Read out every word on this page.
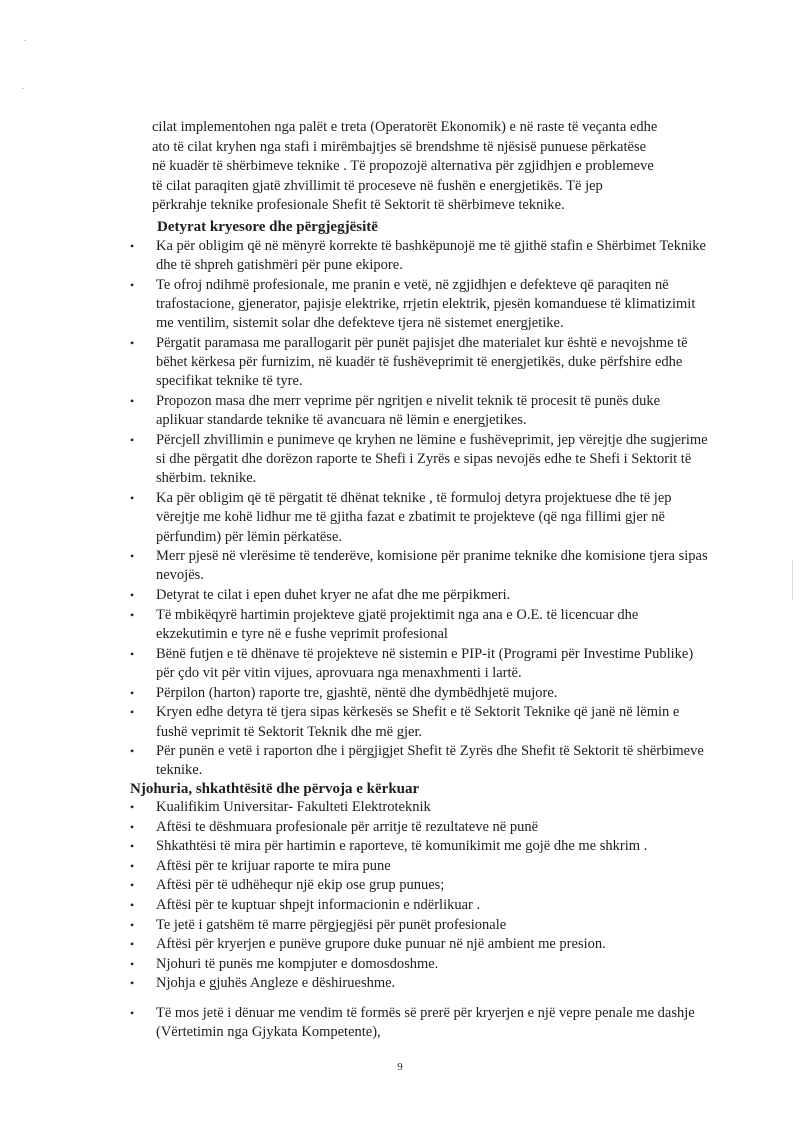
cilat implementohen nga palët e treta (Operatorët Ekonomik) e në raste të veçanta edhe
ato të cilat kryhen nga stafi i mirëmbajtjes së brendshme të njësisë punuese përkatëse
në kuadër të shërbimeve teknike . Të propozojë alternativa për zgjidhjen e problemeve
të cilat paraqiten gjatë zhvillimit të proceseve në fushën e energjetikës. Të jep
përkrahje teknike profesionale Shefit të Sektorit të shërbimeve teknike.

Detyrat kryesore dhe përgjegjësitë
• Ka për obligim që në mënyrë korrekte të bashkëpunojë me të gjithë stafin e Shërbimet Teknike dhe të shpreh gatishmëri për pune ekipore.
• Te ofroj ndihmë profesionale, me pranin e vetë, në zgjidhjen e defekteve që paraqiten në trafostacione, gjenerator, pajisje elektrike, rrjetin elektrik, pjesën komanduese të klimatizimit me ventilim, sistemit solar dhe defekteve tjera në sistemet energjetike.
• Përgatit paramasa me parallogarit për punët pajisjet dhe materialet kur është e nevojshme të bëhet kërkesa për furnizim, në kuadër të fushëveprimit të energjetikës, duke përfshire edhe specifikat teknike të tyre.
• Propozon masa dhe merr veprime për ngritjen e nivelit teknik të procesit të punës duke aplikuar standarde teknike të avancuara në lëmin e energjetikes.
• Përcjell zhvillimin e punimeve qe kryhen ne lëmine e fushëveprimit, jep vërejtje dhe sugjerime si dhe përgatit dhe dorëzon raporte te Shefi i Zyrës e sipas nevojës edhe te Shefi i Sektorit të shërbim. teknike.
• Ka për obligim që të përgatit të dhënat teknike , të formuloj detyra projektuese dhe të jep vërejtje me kohë lidhur me të gjitha fazat e zbatimit te projekteve (që nga fillimi gjer në përfundim) për lëmin përkatëse.
• Merr pjesë në vlerësime të tenderëve, komisione për pranime teknike dhe komisione tjera sipas nevojës.
• Detyrat te cilat i epen duhet kryer ne afat dhe me përpikmeri.
• Të mbikëqyrë hartimin projekteve gjatë projektimit nga ana e O.E. të licencuar dhe ekzekutimin e tyre në e fushe veprimit profesional
• Bënë futjen e të dhënave të projekteve në sistemin e PIP-it (Programi për Investime Publike) për çdo vit për vitin vijues, aprovuara nga menaxhmenti i lartë.
• Përpilon (harton) raporte tre, gjashtë, nëntë dhe dymbëdhjetë mujore.
• Kryen edhe detyra të tjera sipas kërkesës se Shefit e të Sektorit Teknike që janë në lëmin e fushë veprimit të Sektorit Teknik dhe më gjer.
• Për punën e vetë i raporton dhe i përgjigjet Shefit të Zyrës dhe Shefit të Sektorit të shërbimeve teknike.
Njohuria, shkathtësitë dhe përvoja e kërkuar
• Kualifikim Universitar- Fakulteti Elektroteknik
• Aftësi te dëshmuara profesionale për arritje të rezultateve në punë
• Shkathtësi të mira për hartimin e raporteve, të komunikimit me gojë dhe me shkrim .
• Aftësi për te krijuar raporte te mira pune
• Aftësi për të udhëhequr një ekip ose grup punues;
• Aftësi për te kuptuar shpejt informacionin e ndërlikuar .
• Te jetë i gatshëm të marre përgjegjësi për punët profesionale
• Aftësi për kryerjen e punëve grupore duke punuar në një ambient me presion.
• Njohuri të punës me kompjuter e domosdoshme.
• Njohja e gjuhës Angleze e dëshirueshme.
• Të mos jetë i dënuar me vendim të formës së prerë për kryerjen e një vepre penale me dashje (Vërtetimin nga Gjykata Kompetente),
9
